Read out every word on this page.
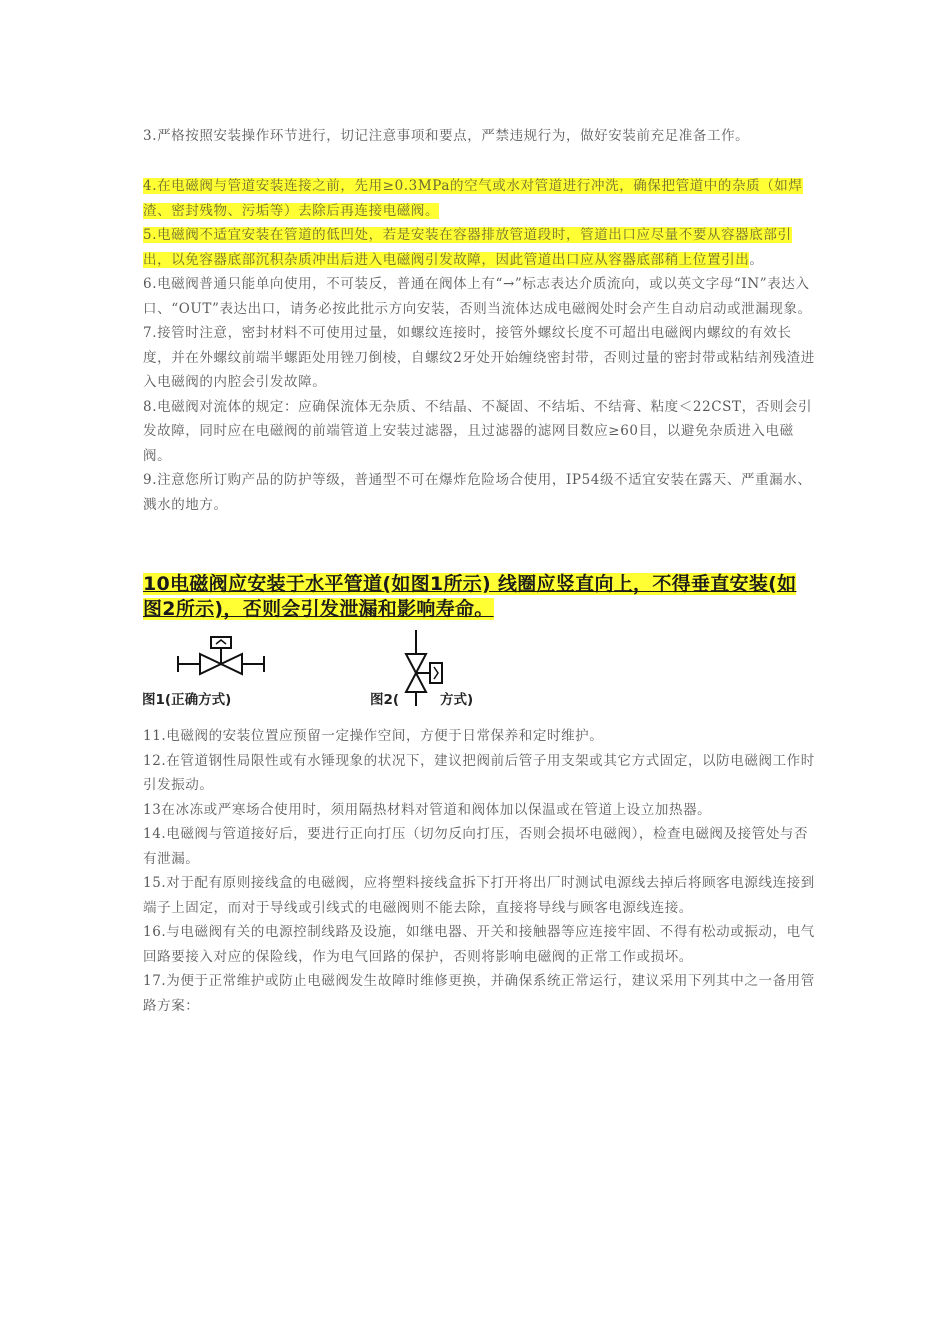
3.严格按照安装操作环节进行，切记注意事项和要点，严禁违规行为，做好安装前充足准备工作。

4.在电磁阀与管道安装连接之前，先用≥0.3MPa的空气或水对管道进行冲洗，确保把管道中的杂质（如焊渣、密封残物、污垢等）去除后再连接电磁阀。

5.电磁阀不适宜安装在管道的低凹处，若是安装在容器排放管道段时，管道出口应尽量不要从容器底部引出，以免容器底部沉积杂质冲出后进入电磁阀引发故障，因此管道出口应从容器底部稍上位置引出。

6.电磁阀普通只能单向使用，不可装反，普通在阀体上有“→”标志表达介质流向，或以英文字母“IN”表达入口、“OUT”表达出口，请务必按此批示方向安装，否则当流体达成电磁阀处时会产生自动启动或泄漏现象。

7.接管时注意，密封材料不可使用过量，如螺纹连接时，接管外螺纹长度不可超出电磁阀内螺纹的有效长度，并在外螺纹前端半螺距处用锉刀倒棱，自螺纹2牙处开始缠绕密封带，否则过量的密封带或粘结剂残渣进入电磁阀的内腔会引发故障。

8.电磁阀对流体的规定：应确保流体无杂质、不结晶、不凝固、不结垢、不结膏、粘度＜22CST，否则会引发故障，同时应在电磁阀的前端管道上安装过滤器，且过滤器的滤网目数应≥60目，以避免杂质进入电磁阀。

9.注意您所订购产品的防护等级，普通型不可在爆炸危险场合使用，IP54级不适宜安装在露天、严重漏水、溅水的地方。

10电磁阀应安装于水平管道(如图1所示) 线圈应竖直向上，不得垂直安装(如图2所示)，否则会引发泄漏和影响寿命。

图1(正确方式)	图2(	方式)

11.电磁阀的安装位置应预留一定操作空间，方便于日常保养和定时维护。

12.在管道钢性局限性或有水锤现象的状况下，建议把阀前后管子用支架或其它方式固定，以防电磁阀工作时引发振动。

13在冰冻或严寒场合使用时，须用隔热材料对管道和阀体加以保温或在管道上设立加热器。

14.电磁阀与管道接好后，要进行正向打压（切勿反向打压，否则会损坏电磁阀），检查电磁阀及接管处与否有泄漏。

15.对于配有原则接线盒的电磁阀，应将塑料接线盒拆下打开将出厂时测试电源线去掉后将顾客电源线连接到端子上固定，而对于导线或引线式的电磁阀则不能去除，直接将导线与顾客电源线连接。

16.与电磁阀有关的电源控制线路及设施，如继电器、开关和接触器等应连接牢固、不得有松动或振动，电气回路要接入对应的保险线，作为电气回路的保护，否则将影响电磁阀的正常工作或损坏。

17.为便于正常维护或防止电磁阀发生故障时维修更换，并确保系统正常运行，建议采用下列其中之一备用管路方案：
